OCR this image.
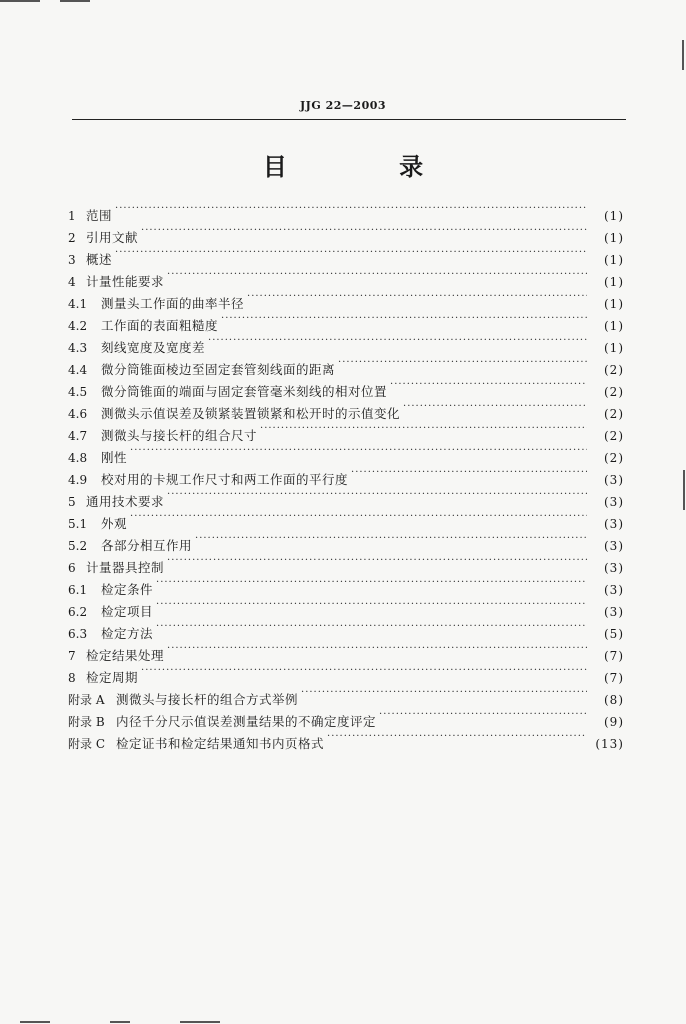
JJG 22—2003
目 录
1 范围 ·····	(1)
2 引用文献 ·····	(1)
3 概述 ·····	(1)
4 计量性能要求 ·····	(1)
4.1	测量头工作面的曲率半径 ·····	(1)
4.2	工作面的表面粗糙度 ·····	(1)
4.3	刻线宽度及宽度差 ·····	(1)
4.4	微分筒锥面棱边至固定套管刻线面的距离 ·····	(2)
4.5	微分筒锥面的端面与固定套管毫米刻线的相对位置 ·····	(2)
4.6	测微头示值误差及锁紧装置锁紧和松开时的示值变化 ·····	(2)
4.7	测微头与接长杆的组合尺寸 ·····	(2)
4.8	刚性 ·····	(2)
4.9	校对用的卡规工作尺寸和两工作面的平行度 ·····	(3)
5 通用技术要求 ·····	(3)
5.1	外观 ·····	(3)
5.2	各部分相互作用 ·····	(3)
6 计量器具控制 ·····	(3)
6.1	检定条件 ·····	(3)
6.2	检定项目 ·····	(3)
6.3	检定方法 ·····	(5)
7 检定结果处理 ·····	(7)
8 检定周期 ·····	(7)
附录 A 测微头与接长杆的组合方式举例 ·····	(8)
附录 B 内径千分尺示值误差测量结果的不确定度评定 ·····	(9)
附录 C 检定证书和检定结果通知书内页格式 ·····	(13)
